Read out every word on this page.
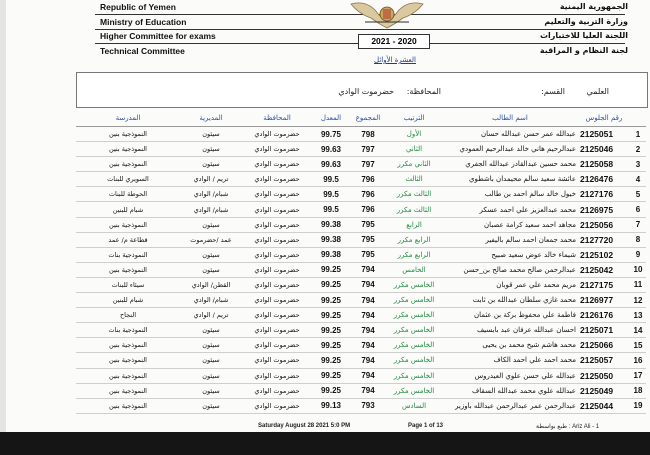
Republic of Yemen
Ministry of Education
Higher Committee for exams
Technical Committee
الجمهورية اليمنية
وزارة التربية والتعليم
اللجنة العليا للاختبارات
لجنة النظام و المراقبة
2021 - 2020
العشرة الأوائل
القسم:	العلمي
المحافظة:
حضرموت الوادي
	رقم الجلوس	اسم الطالب	الترتيب	المجموع	المعدل	المحافظة	المديرية	المدرسة
1	2125051	عبدالله عمر حسن عبدالله حسان	الأول	798	99.75	حضرموت الوادي	سيئون	النموذجية بنين
2	2125046	عبدالرحيم هاني خالد عبدالرحيم العمودي	الثاني	797	99.63	حضرموت الوادي	سيئون	النموذجية بنين
3	2125058	محمد حسين عبدالقادر عبدالله الجفري	الثاني مكرر	797	99.63	حضرموت الوادي	سيئون	النموذجية بنين
4	2126476	عائشة سعيد سالم محيمدان باشطوي	الثالث	796	99.5	حضرموت الوادي	تريم / الوادي	السويري للبنات
5	2127176	خيول خالد سالم احمد بن طالب	الثالث مكرر	796	99.5	حضرموت الوادي	شبام/ الوادي	الحوطة للبنات
6	2126975	محمد عبدالعزيز علي احمد عسكر	الثالث مكرر	796	99.5	حضرموت الوادي	شبام/ الوادي	شبام للبنين
7	2125056	مجاهد احمد سعيد كرامة عصبان	الرابع	795	99.38	حضرموت الوادي	سيئون	النموذجية بنين
8	2127720	محمد جمعان احمد سالم باليفير	الرابع مكرر	795	99.38	حضرموت الوادي	عمد /حضرموت	قطاعة م/ عمد
9	2125102	شيماء خالد عوض سعيد صبيح	الرابع مكرر	795	99.38	حضرموت الوادي	سيئون	النموذجية بنات
10	2125042	عبدالرحمن صالح محمد صالح بن_حسن	الخامس	794	99.25	حضرموت الوادي	سيئون	النموذجية بنين
11	2127175	مريم محمد علي عمر قوبان	الخامس مكرر	794	99.25	حضرموت الوادي	القطن/ الوادي	سيئاء للبنات
12	2126977	محمد غازي سلطان عبدالله بن ثابت	الخامس مكرر	794	99.25	حضرموت الوادي	شبام/ الوادي	شبام للبنين
13	2126176	فاطمة علي محفوظ بركة بن عثمان	الخامس مكرر	794	99.25	حضرموت الوادي	تريم / الوادي	النجاح
14	2125071	احسان عبدالله عرفان عبد بابسيف	الخامس مكرر	794	99.25	حضرموت الوادي	سيئون	النموذجية بنات
15	2125066	محمد هاشم شيخ محمد بن يحيى	الخامس مكرر	794	99.25	حضرموت الوادي	سيئون	النموذجية بنين
16	2125057	محمد احمد علي احمد الكاف	الخامس مكرر	794	99.25	حضرموت الوادي	سيئون	النموذجية بنين
17	2125050	عبدالله علي حسن علوي العيدروس	الخامس مكرر	794	99.25	حضرموت الوادي	سيئون	النموذجية بنين
18	2125049	عبدالله علوي محمد عبدالله السقاف	الخامس مكرر	794	99.25	حضرموت الوادي	سيئون	النموذجية بنين
19	2125044	عبدالرحمن عمر عبدالرحمن عبدالله باوزير	السادس	793	99.13	حضرموت الوادي	سيئون	النموذجية بنين
Saturday August 28 2021 5:0 PM	Page 1 of 13	طبع بواسطة : Ariz Ali - 1
